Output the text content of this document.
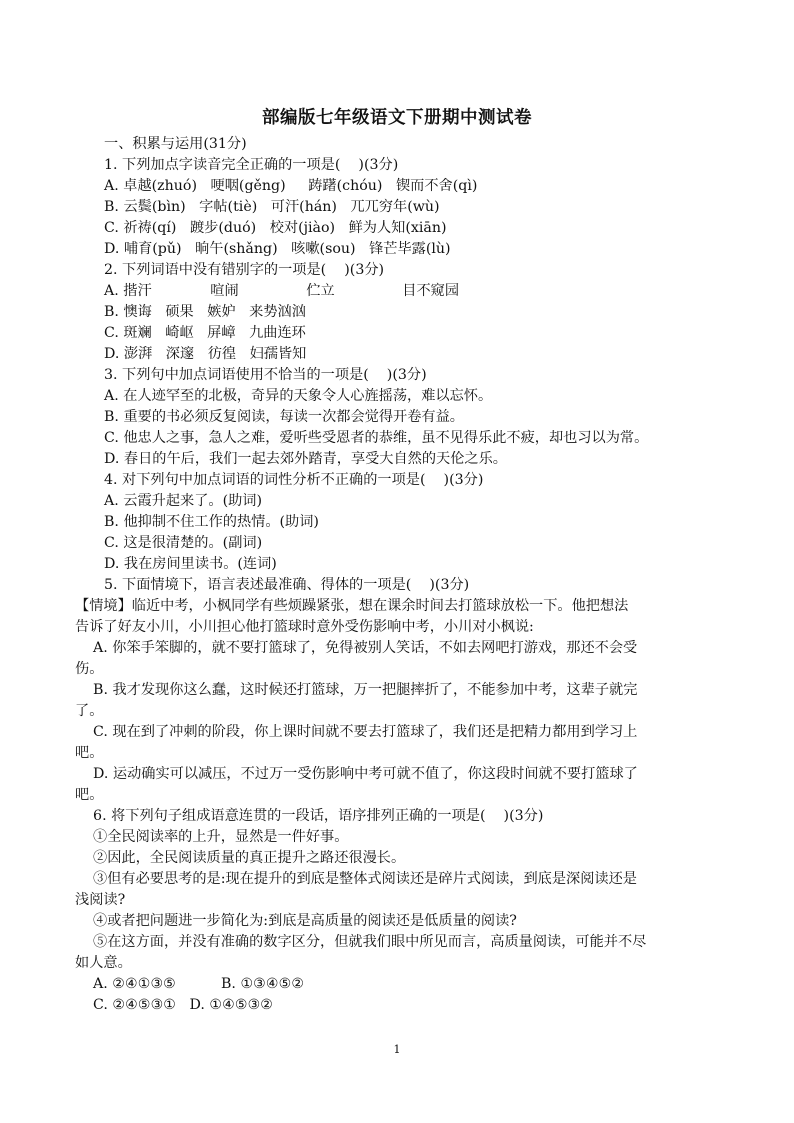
部编版七年级语文下册期中测试卷
一、积累与运用(31分)
1. 下列加点字读音完全正确的一项是(    )(3分)
A. 卓越(zhuó)   哽咽(gěng)     踌躇(chóu)   锲而不舍(qì)
B. 云鬓(bìn)   字帖(tiè)   可汗(hán)   兀兀穷年(wù)
C. 祈祷(qí)   踱步(duó)   校对(jiào)   鲜为人知(xiān)
D. 哺育(pǔ)   晌午(shǎng)   咳嗽(sou)   锋芒毕露(lù)
2. 下列词语中没有错别字的一项是(    )(3分)
A. 揩汗             喧闹               伫立               目不窥园
B. 懊诲   硕果   嫉妒   来势汹汹
C. 斑斓   崎岖   屏嶂   九曲连环
D. 澎湃   深邃   彷徨   妇孺皆知
3. 下列句中加点词语使用不恰当的一项是(    )(3分)
A. 在人迹罕至的北极，奇异的天象令人心旌摇荡，难以忘怀。
B. 重要的书必须反复阅读，每读一次都会觉得开卷有益。
C. 他忠人之事，急人之难，爱听些受恩者的恭维，虽不见得乐此不疲，却也习以为常。
D. 春日的午后，我们一起去郊外踏青，享受大自然的天伦之乐。
4. 对下列句中加点词语的词性分析不正确的一项是(    )(3分)
A. 云霞升起来了。(助词)
B. 他抑制不住工作的热情。(助词)
C. 这是很清楚的。(副词)
D. 我在房间里读书。(连词)
5. 下面情境下，语言表述最准确、得体的一项是(    )(3分)
【情境】临近中考，小枫同学有些烦躁紧张，想在课余时间去打篮球放松一下。他把想法
告诉了好友小川，小川担心他打篮球时意外受伤影响中考，小川对小枫说:
A. 你笨手笨脚的，就不要打篮球了，免得被别人笑话，不如去网吧打游戏，那还不会受
伤。
B. 我才发现你这么蠢，这时候还打篮球，万一把腿摔折了，不能参加中考，这辈子就完
了。
C. 现在到了冲刺的阶段，你上课时间就不要去打篮球了，我们还是把精力都用到学习上
吧。
D. 运动确实可以减压，不过万一受伤影响中考可就不值了，你这段时间就不要打篮球了
吧。
6. 将下列句子组成语意连贯的一段话，语序排列正确的一项是(    )(3分)
①全民阅读率的上升，显然是一件好事。
②因此，全民阅读质量的真正提升之路还很漫长。
③但有必要思考的是:现在提升的到底是整体式阅读还是碎片式阅读，到底是深阅读还是
浅阅读?
④或者把问题进一步简化为:到底是高质量的阅读还是低质量的阅读?
⑤在这方面，并没有准确的数字区分，但就我们眼中所见而言，高质量阅读，可能并不尽
如人意。
A. ②④①③⑤          B. ①③④⑤②
C. ②④⑤③①   D. ①④⑤③②
1
